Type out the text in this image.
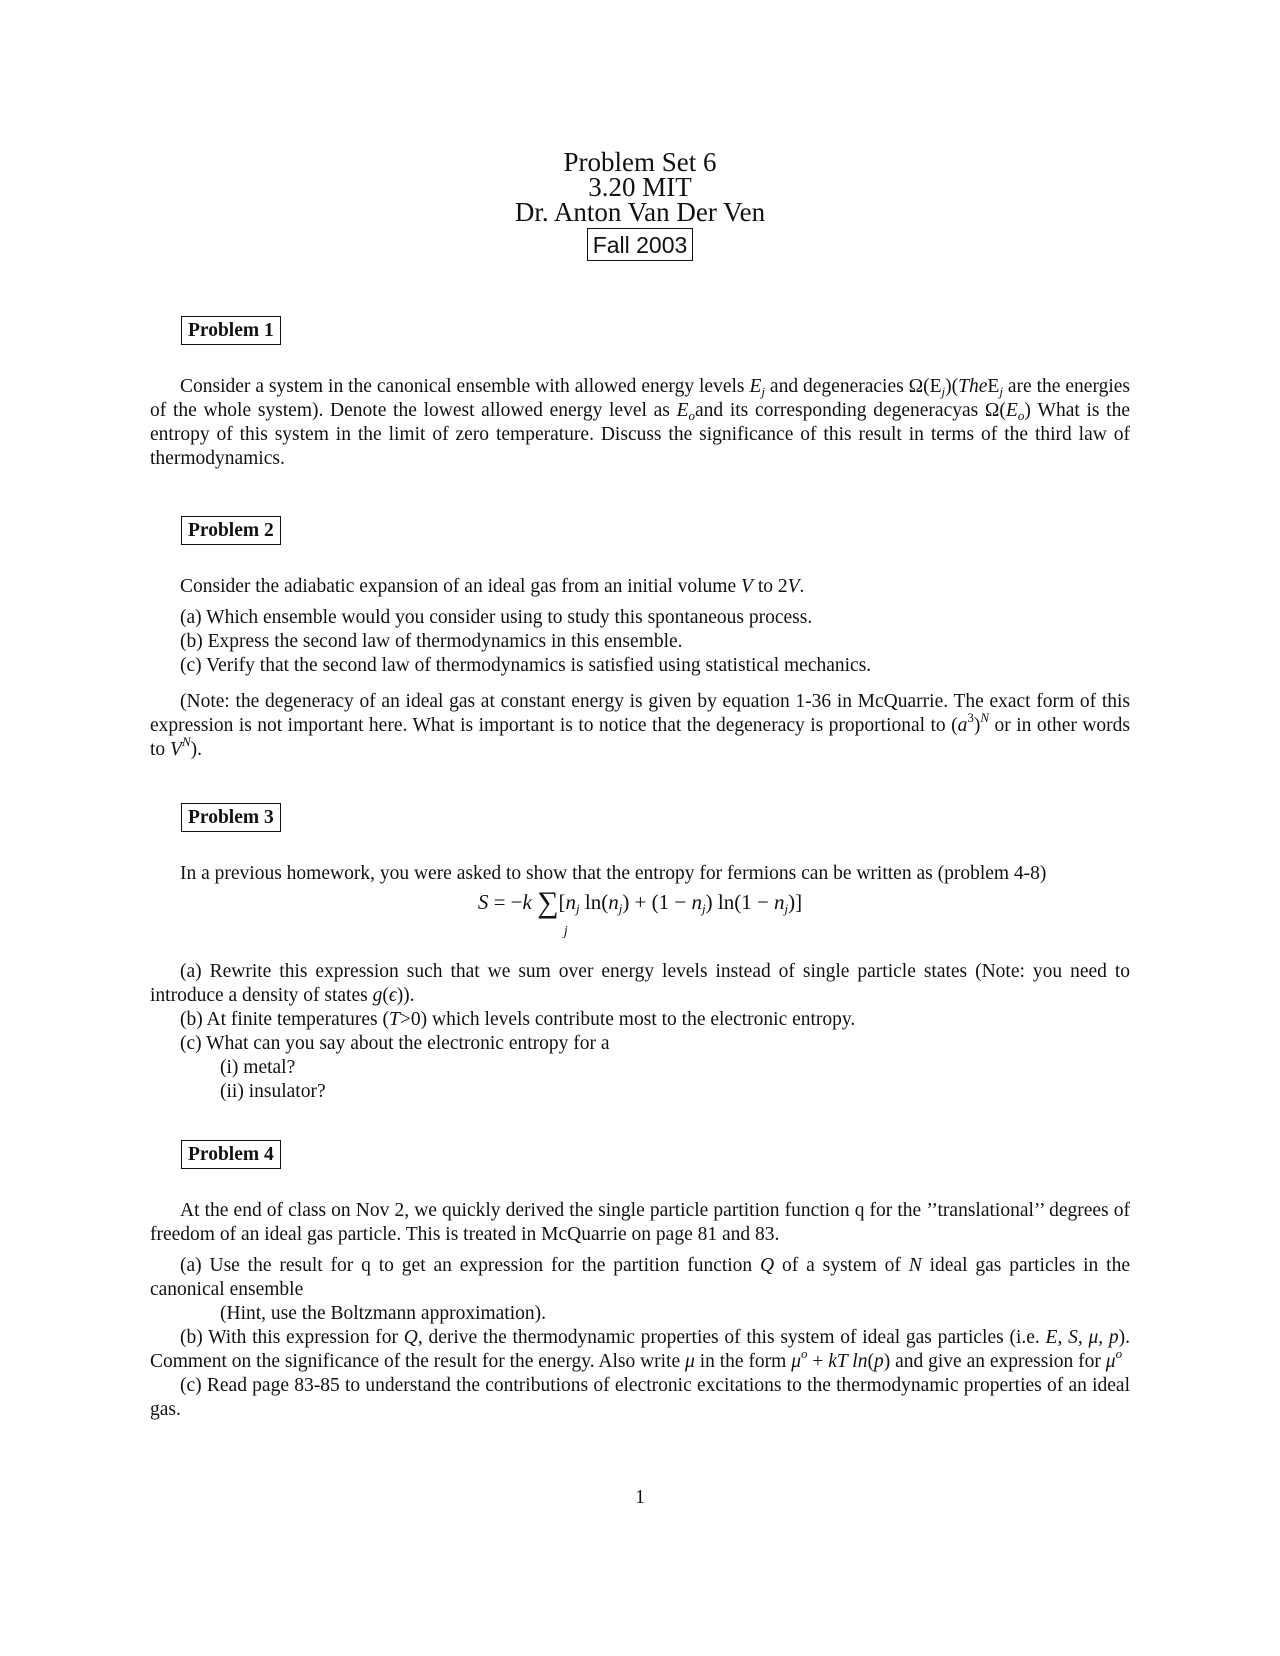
Problem Set 6

3.20 MIT

Dr. Anton Van Der Ven

Fall 2003
Problem 1

Consider a system in the canonical ensemble with allowed energy levels $E_j$ and degeneracies $\Omega(E_j)(TheE_j$ are the energies of the whole system). Denote the lowest allowed energy level as $E_oand$ its corresponding degeneracyas $\Omega(E_o)$ What is the entropy of this system in the limit of zero temperature. Discuss the significance of this result in terms of the third law of thermodynamics.

Problem 2

Consider the adiabatic expansion of an ideal gas from an initial volume V to 2V.

(a) Which ensemble would you consider using to study this spontaneous process.

(b) Express the second law of thermodynamics in this ensemble.

(c) Verify that the second law of thermodynamics is satisfied using statistical mechanics.

(Note: the degeneracy of an ideal gas at constant energy is given by equation 1-36 in McQuarrie. The exact form of this expression is not important here. What is important is to notice that the degeneracy is proportional to $(a^3)^N$ or in other words to $V^N$).

Problem 3

In a previous homework, you were asked to show that the entropy for fermions can be written as (problem 4-8)

S = −k $\sum[n_j$ $\ln(n_j) + (1 - n_j) \ln(1 - n_j)$]
j

(a) Rewrite this expression such that we sum over energy levels instead of single particle states (Note: you need to introduce a density of states g(ϵ)).

(b) At finite temperatures (T>0) which levels contribute most to the electronic entropy.

(c) What can you say about the electronic entropy for a

(i) metal?

(ii) insulator?

Problem 4

At the end of class on Nov 2, we quickly derived the single particle partition function q for the ’’translational’’ degrees of freedom of an ideal gas particle. This is treated in McQuarrie on page 81 and 83.

(a) Use the result for q to get an expression for the partition function Q of a system of N ideal gas particles in the canonical ensemble

(Hint, use the Boltzmann approximation).

(b) With this expression for Q, derive the thermodynamic properties of this system of ideal gas particles (i.e. E, S, μ, p). Comment on the significance of the result for the energy. Also write μ in the form $\mu^o$ + kT ln(p) and give an expression for $\mu^o$

(c) Read page 83-85 to understand the contributions of electronic excitations to the thermodynamic properties of an ideal gas.

1
